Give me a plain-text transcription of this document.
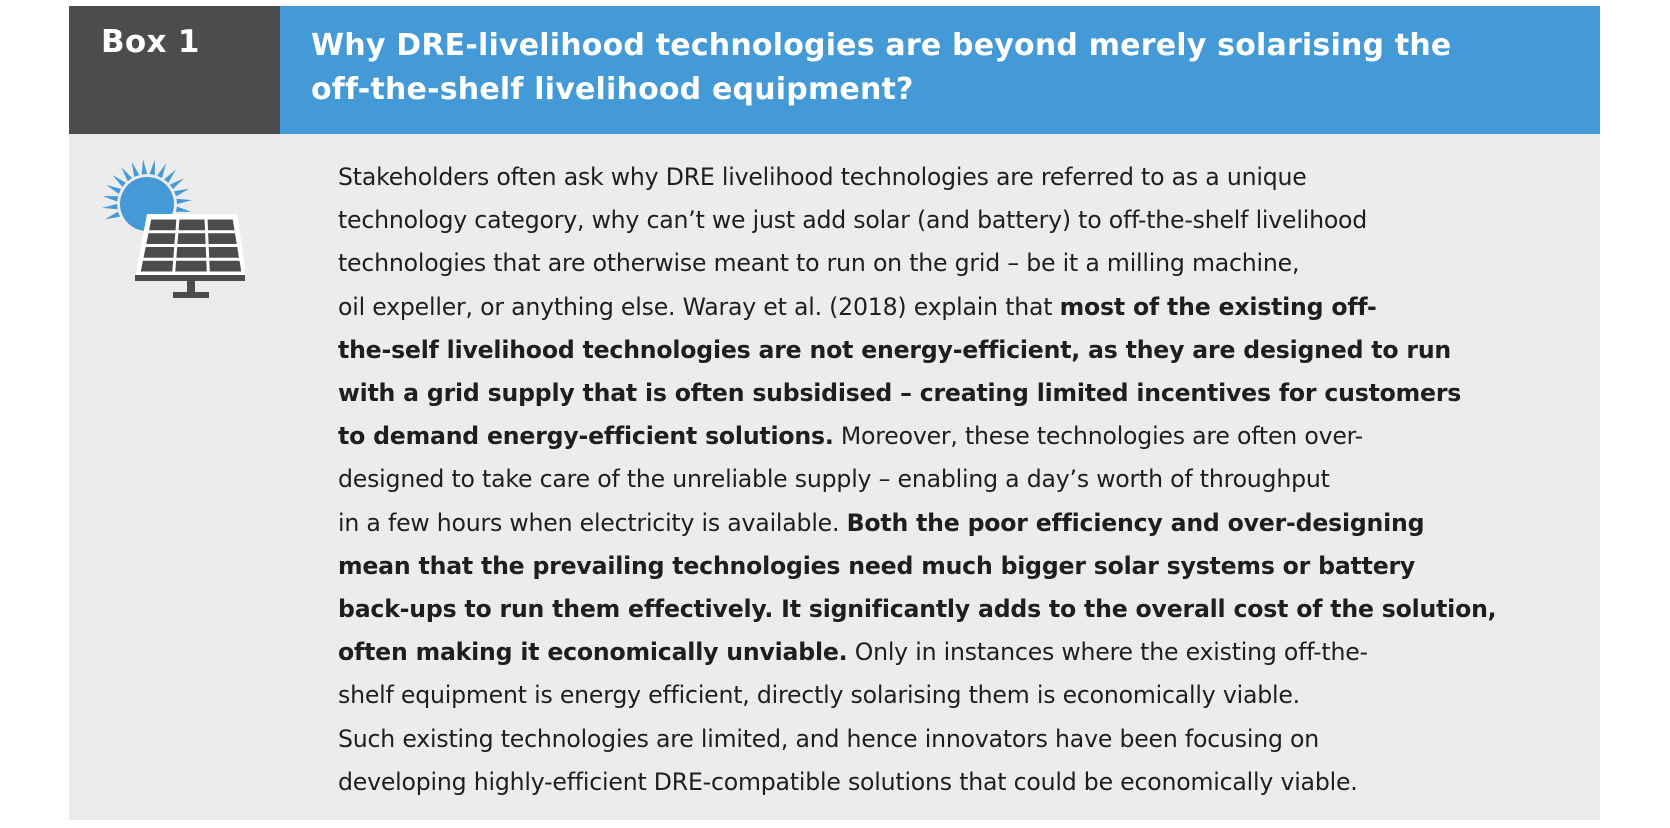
Box 1	Why DRE-livelihood technologies are beyond merely solarising the
off-the-shelf livelihood equipment?
Stakeholders often ask why DRE livelihood technologies are referred to as a unique
technology category, why can’t we just add solar (and battery) to off-the-shelf livelihood
technologies that are otherwise meant to run on the grid – be it a milling machine,
oil expeller, or anything else. Waray et al. (2018) explain that most of the existing off-
the-self livelihood technologies are not energy-efficient, as they are designed to run
with a grid supply that is often subsidised – creating limited incentives for customers
to demand energy-efficient solutions. Moreover, these technologies are often over-
designed to take care of the unreliable supply – enabling a day’s worth of throughput
in a few hours when electricity is available. Both the poor efficiency and over-designing
mean that the prevailing technologies need much bigger solar systems or battery
back-ups to run them effectively. It significantly adds to the overall cost of the solution,
often making it economically unviable. Only in instances where the existing off-the-
shelf equipment is energy efficient, directly solarising them is economically viable.
Such existing technologies are limited, and hence innovators have been focusing on
developing highly-efficient DRE-compatible solutions that could be economically viable.
